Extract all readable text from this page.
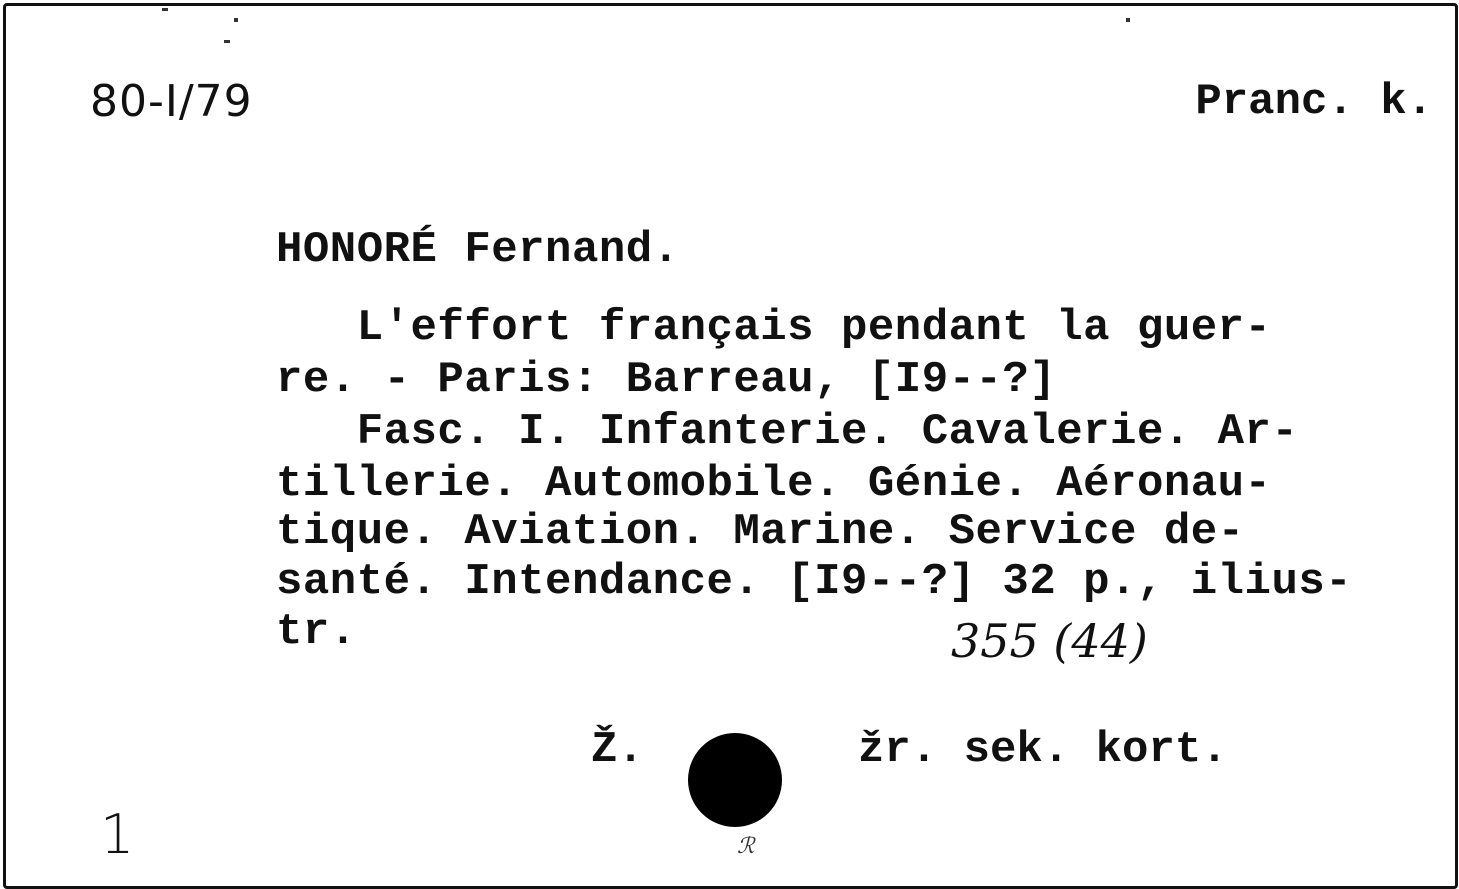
80-I/79	Pranc. k.
HONORÉ Fernand.
L'effort français pendant la guer-
re. - Paris: Barreau, [I9--?]
Fasc. I. Infanterie. Cavalerie. Ar-
tillerie. Automobile. Génie. Aéronau-
tique. Aviation. Marine. Service de-
santé. Intendance. [I9--?] 32 p., ilius-
tr.	355 (44)
Ž.	žr. sek. kort.
1	ℛ
